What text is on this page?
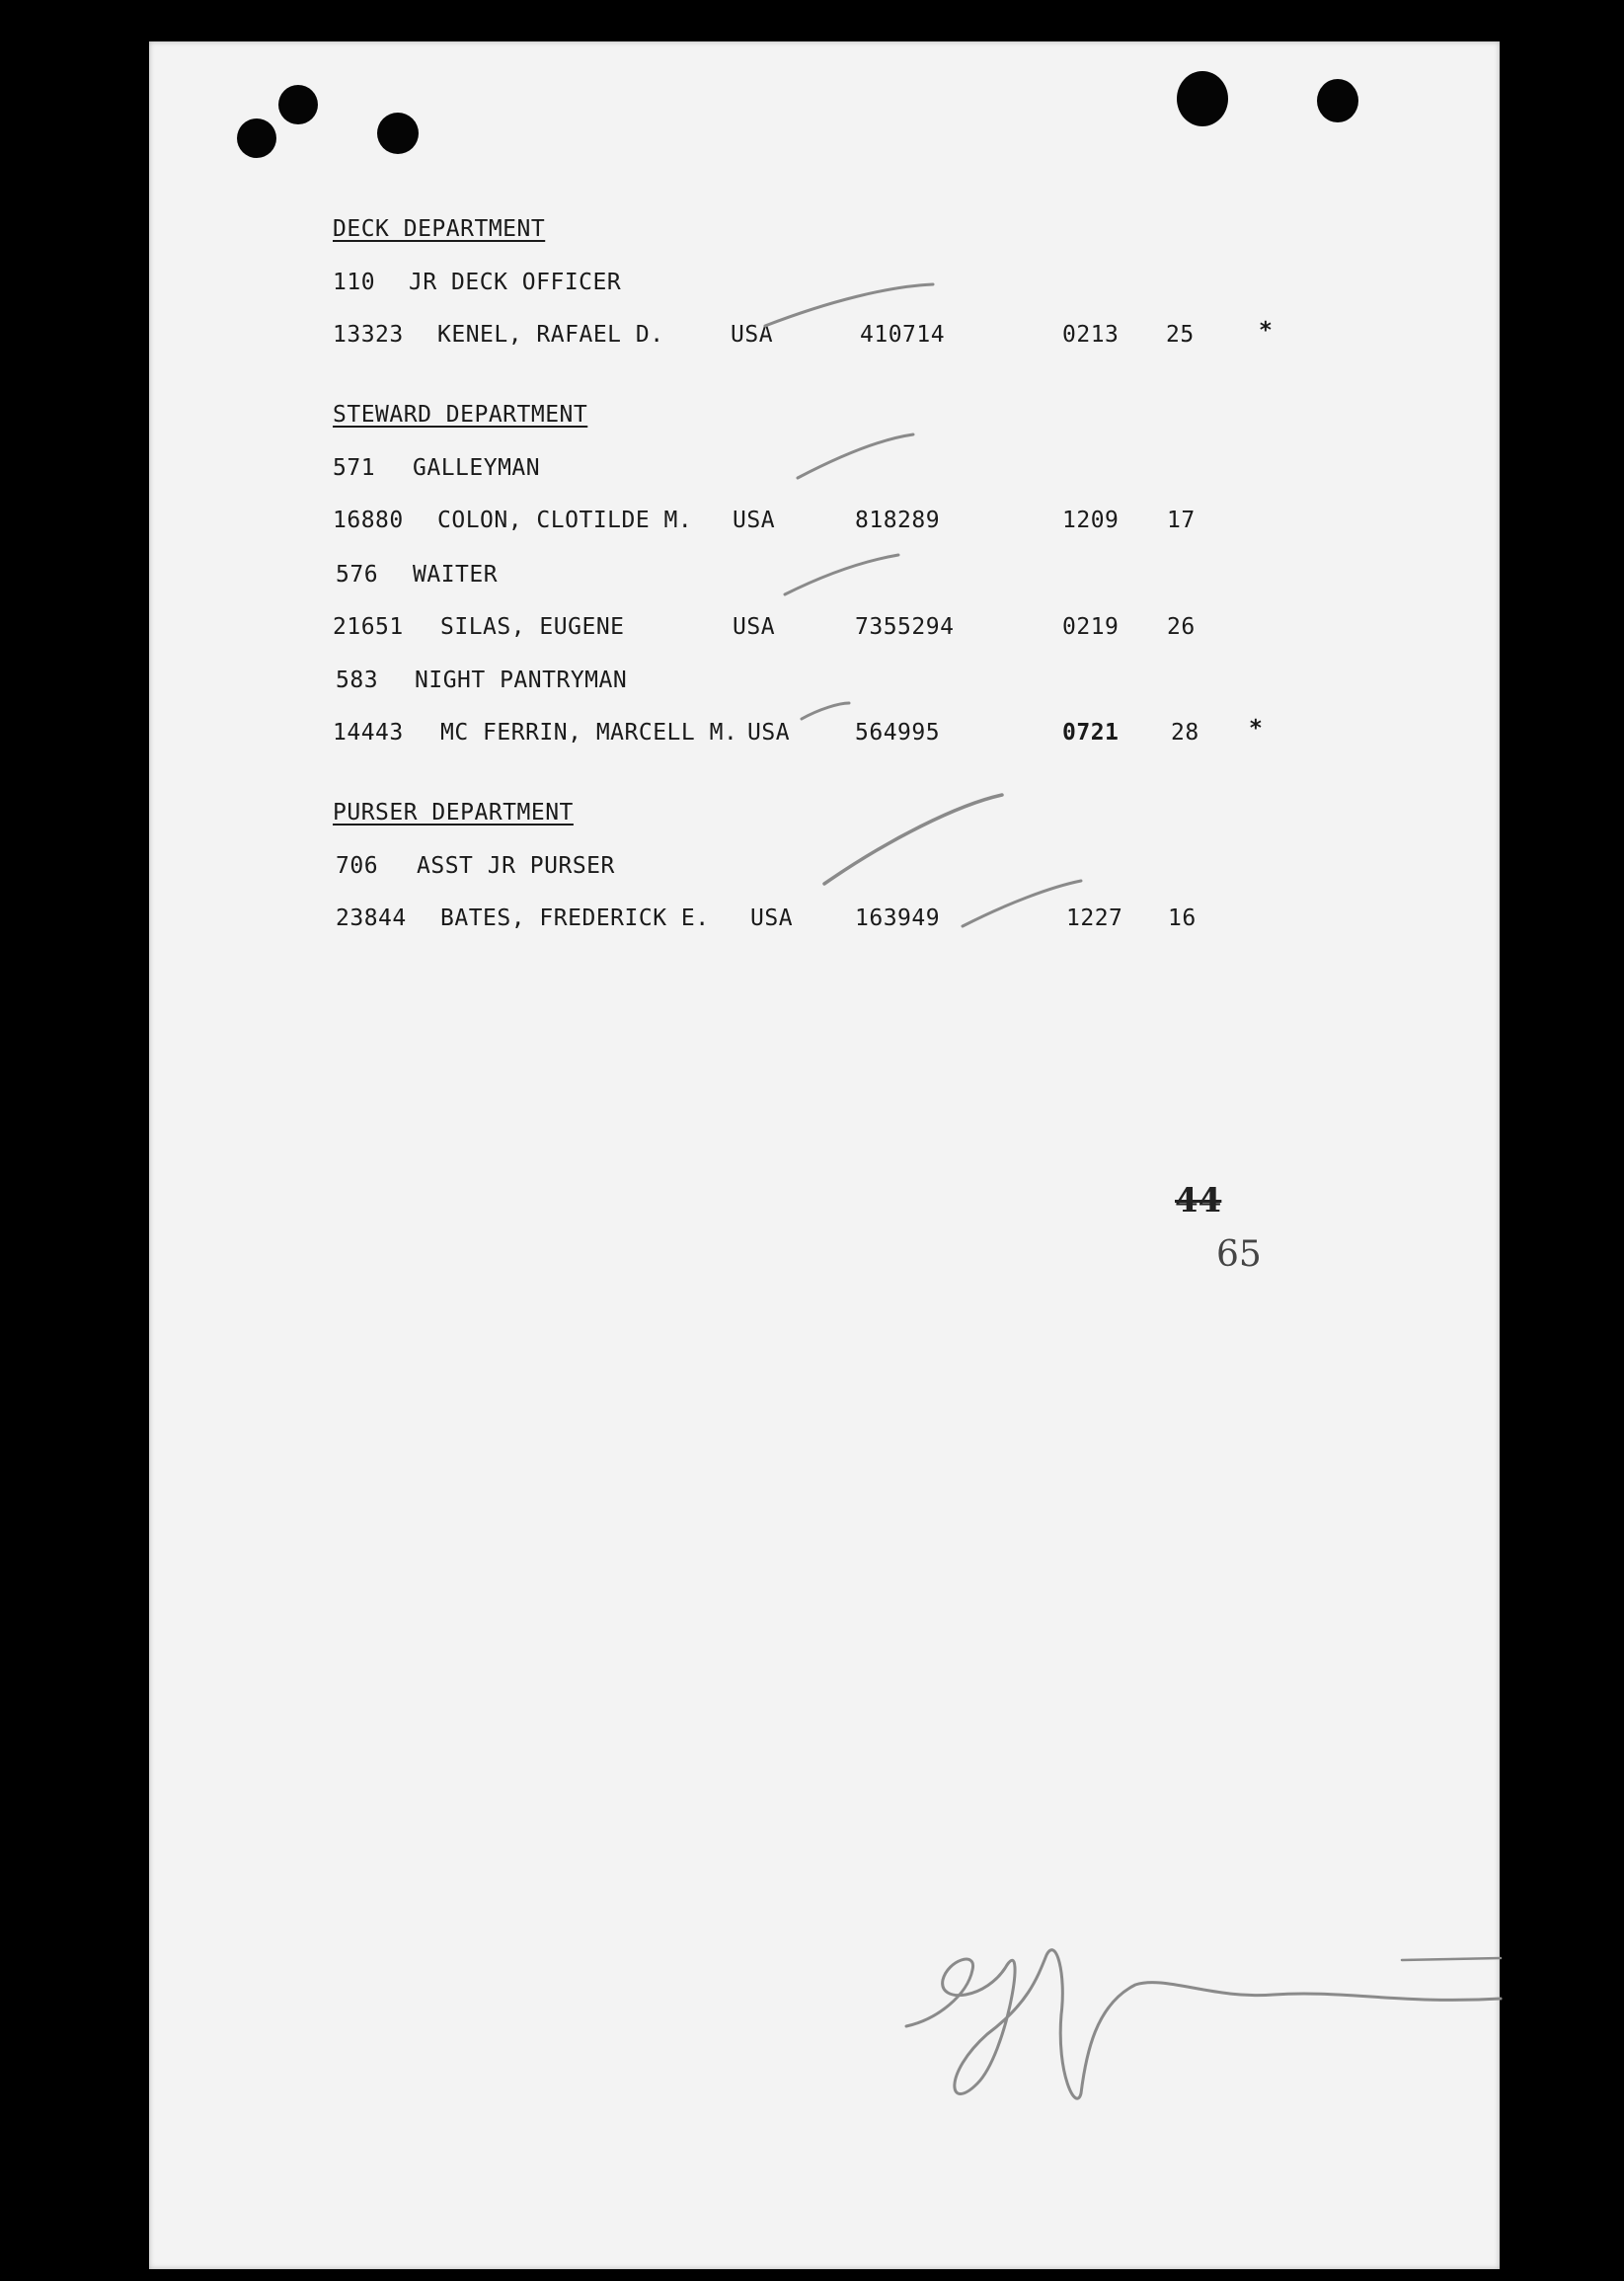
DECK DEPARTMENT
110 JR DECK OFFICER
13323 KENEL, RAFAEL D.	USA	410714	0213 25	*
STEWARD DEPARTMENT
571 GALLEYMAN
16880 COLON, CLOTILDE M. USA	818289	1209 17
576 WAITER
21651 SILAS, EUGENE	USA	7355294	0219 26
583 NIGHT PANTRYMAN
14443 MC FERRIN, MARCELL M. USA	564995	0721 28 *
PURSER DEPARTMENT
706 ASST JR PURSER
23844 BATES, FREDERICK E. USA	163949	1227 16
44
65
